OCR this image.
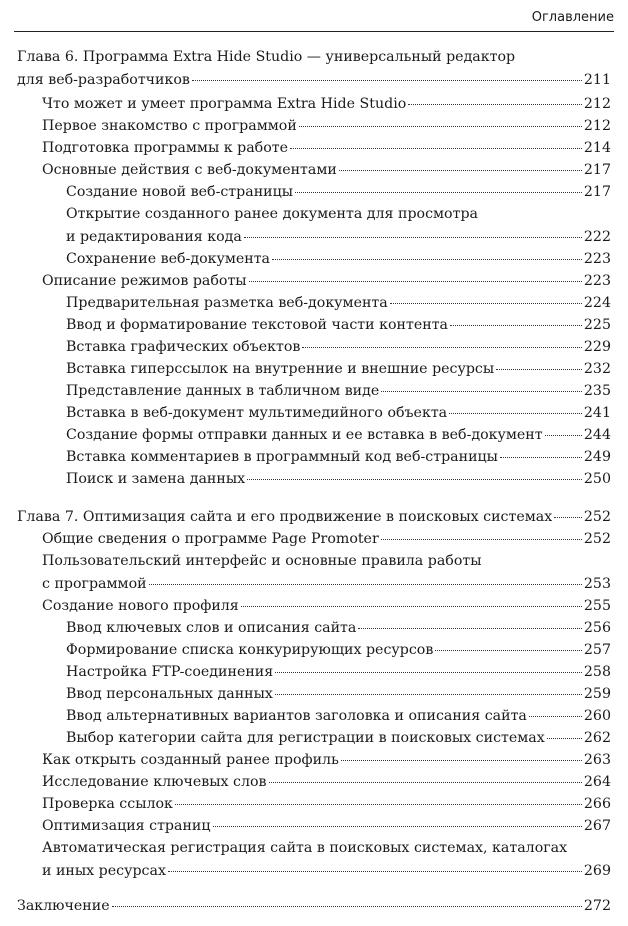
Оглавление
Глава 6. Программа Extra Hide Studio — универсальный редактор
для веб-разработчиков	211
Что может и умеет программа Extra Hide Studio	212
Первое знакомство с программой	212
Подготовка программы к работе	214
Основные действия с веб-документами	217
Создание новой веб-страницы	217
Открытие созданного ранее документа для просмотра
и редактирования кода	222
Сохранение веб-документа	223
Описание режимов работы	223
Предварительная разметка веб-документа	224
Ввод и форматирование текстовой части контента	225
Вставка графических объектов	229
Вставка гиперссылок на внутренние и внешние ресурсы	232
Представление данных в табличном виде	235
Вставка в веб-документ мультимедийного объекта	241
Создание формы отправки данных и ее вставка в веб-документ	244
Вставка комментариев в программный код веб-страницы	249
Поиск и замена данных	250
Глава 7. Оптимизация сайта и его продвижение в поисковых системах 252
Общие сведения о программе Page Promoter	252
Пользовательский интерфейс и основные правила работы
с программой	253
Создание нового профиля	255
Ввод ключевых слов и описания сайта	256
Формирование списка конкурирующих ресурсов	257
Настройка FTP-соединения	258
Ввод персональных данных	259
Ввод альтернативных вариантов заголовка и описания сайта	260
Выбор категории сайта для регистрации в поисковых системах	262
Как открыть созданный ранее профиль	263
Исследование ключевых слов	264
Проверка ссылок	266
Оптимизация страниц	267
Автоматическая регистрация сайта в поисковых системах, каталогах
и иных ресурсах	269
Заключение	272
